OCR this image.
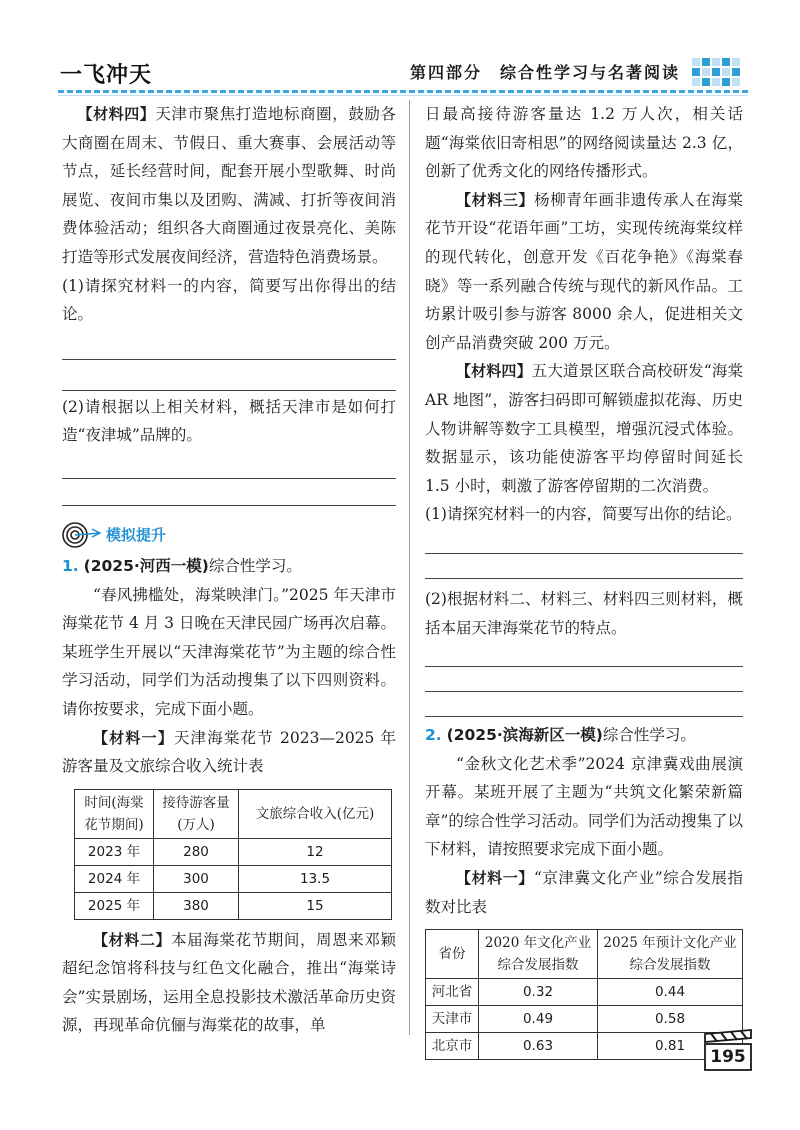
一飞冲天	第四部分　综合性学习与名著阅读

【材料四】天津市聚焦打造地标商圈，鼓励各大商圈在周末、节假日、重大赛事、会展活动等节点，延长经营时间，配套开展小型歌舞、时尚展览、夜间市集以及团购、满减、打折等夜间消费体验活动；组织各大商圈通过夜景亮化、美陈打造等形式发展夜间经济，营造特色消费场景。

(1)请探究材料一的内容，简要写出你得出的结论。

(2)请根据以上相关材料，概括天津市是如何打造“夜津城”品牌的。

模拟提升

1. (2025·河西一模)综合性学习。

“春风拂槛处，海棠映津门。”2025 年天津市海棠花节 4 月 3 日晚在天津民园广场再次启幕。某班学生开展以“天津海棠花节”为主题的综合性学习活动，同学们为活动搜集了以下四则资料。请你按要求，完成下面小题。

【材料一】天津海棠花节 2023—2025 年游客量及文旅综合收入统计表

时间(海棠花节期间)	接待游客量(万人)	文旅综合收入(亿元)
2023 年	280	12
2024 年	300	13.5
2025 年	380	15

【材料二】本届海棠花节期间，周恩来邓颖超纪念馆将科技与红色文化融合，推出“海棠诗会”实景剧场，运用全息投影技术激活革命历史资源，再现革命伉俪与海棠花的故事，单

日最高接待游客量达 1.2 万人次，相关话题“海棠依旧寄相思”的网络阅读量达 2.3 亿，创新了优秀文化的网络传播形式。

【材料三】杨柳青年画非遗传承人在海棠花节开设“花语年画”工坊，实现传统海棠纹样的现代转化，创意开发《百花争艳》《海棠春晓》等一系列融合传统与现代的新风作品。工坊累计吸引参与游客 8000 余人，促进相关文创产品消费突破 200 万元。

【材料四】五大道景区联合高校研发“海棠 AR 地图”，游客扫码即可解锁虚拟花海、历史人物讲解等数字工具模型，增强沉浸式体验。数据显示，该功能使游客平均停留时间延长 1.5 小时，刺激了游客停留期的二次消费。

(1)请探究材料一的内容，简要写出你的结论。

(2)根据材料二、材料三、材料四三则材料，概括本届天津海棠花节的特点。

2. (2025·滨海新区一模)综合性学习。

“金秋文化艺术季”2024 京津冀戏曲展演开幕。某班开展了主题为“共筑文化繁荣新篇章”的综合性学习活动。同学们为活动搜集了以下材料，请按照要求完成下面小题。

【材料一】“京津冀文化产业”综合发展指数对比表

省份	2020 年文化产业综合发展指数	2025 年预计文化产业综合发展指数
河北省	0.32	0.44
天津市	0.49	0.58
北京市	0.63	0.81
195
